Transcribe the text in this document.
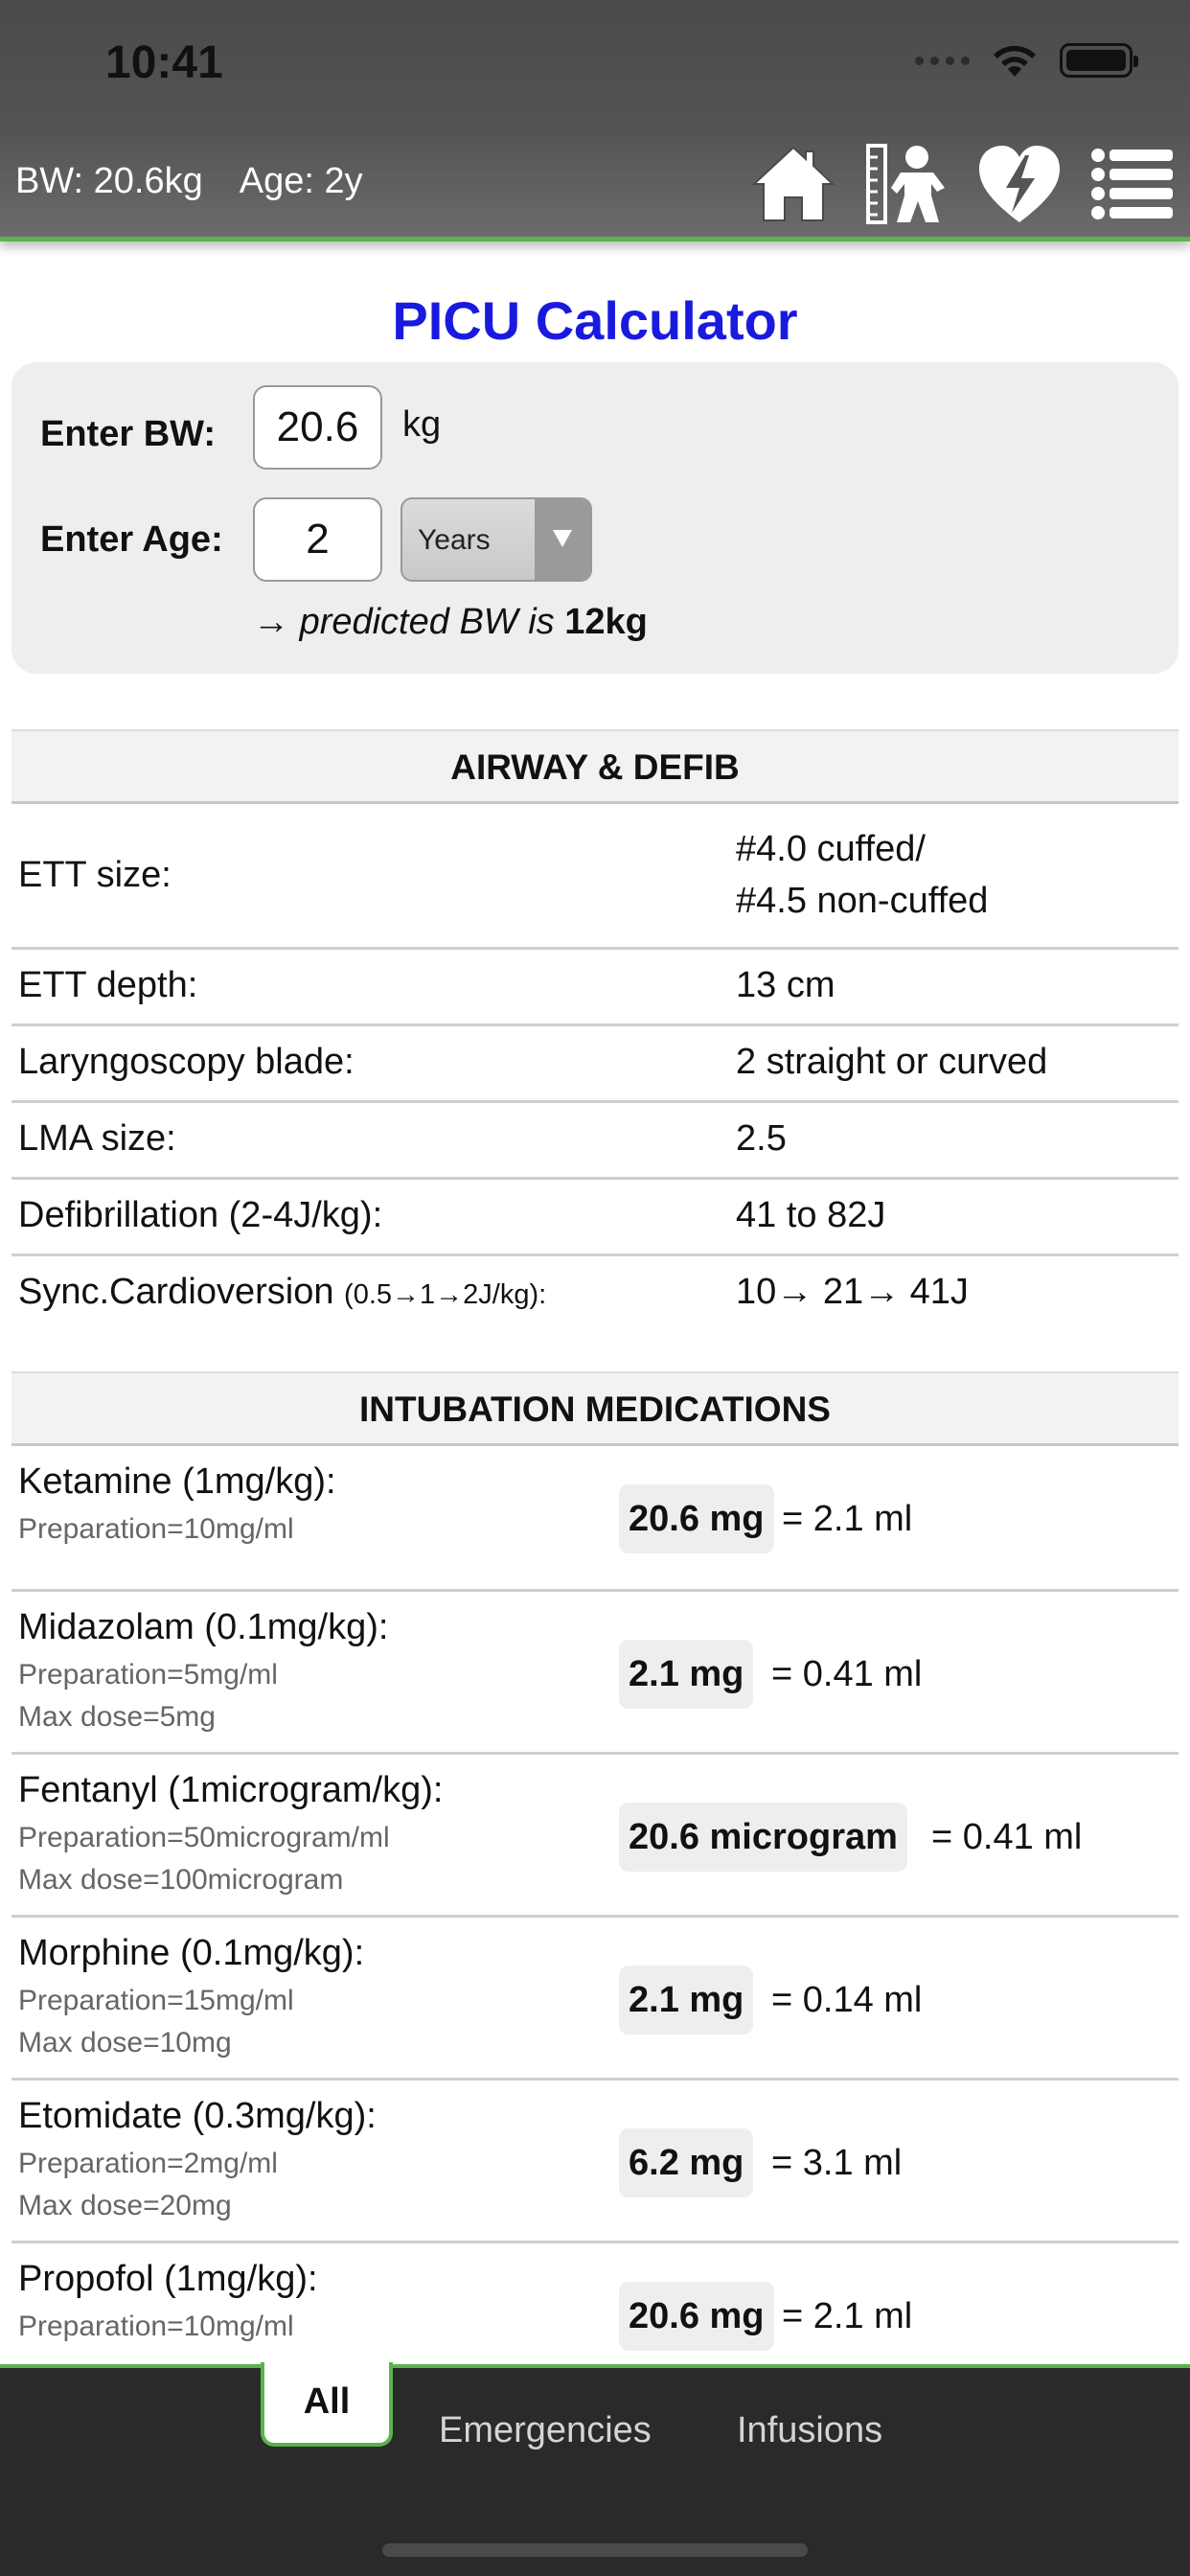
10:41
BW: 20.6kg Age: 2y
PICU Calculator
Enter BW:
20.6	kg
Enter Age:
2	Years
→ predicted BW is 12kg
AIRWAY & DEFIB
ETT size:
#4.0 cuffed/
#4.5 non-cuffed
ETT depth:	13 cm
Laryngoscopy blade:	2 straight or curved
LMA size:	2.5
Defibrillation (2-4J/kg):	41 to 82J
Sync.Cardioversion (0.5→1→2J/kg):	10→ 21→ 41J
INTUBATION MEDICATIONS
Ketamine (1mg/kg):
Preparation=10mg/ml	20.6 mg = 2.1 ml
Midazolam (0.1mg/kg):
Preparation=5mg/ml
Max dose=5mg
2.1 mg = 0.41 ml
Fentanyl (1microgram/kg):
Preparation=50microgram/ml
Max dose=100microgram
20.6 microgram = 0.41 ml
Morphine (0.1mg/kg):
Preparation=15mg/ml
Max dose=10mg
2.1 mg = 0.14 ml
Etomidate (0.3mg/kg):
Preparation=2mg/ml
Max dose=20mg
6.2 mg = 3.1 ml
Propofol (1mg/kg):
Preparation=10mg/ml	20.6 mg = 2.1 ml
All
Emergencies Infusions
